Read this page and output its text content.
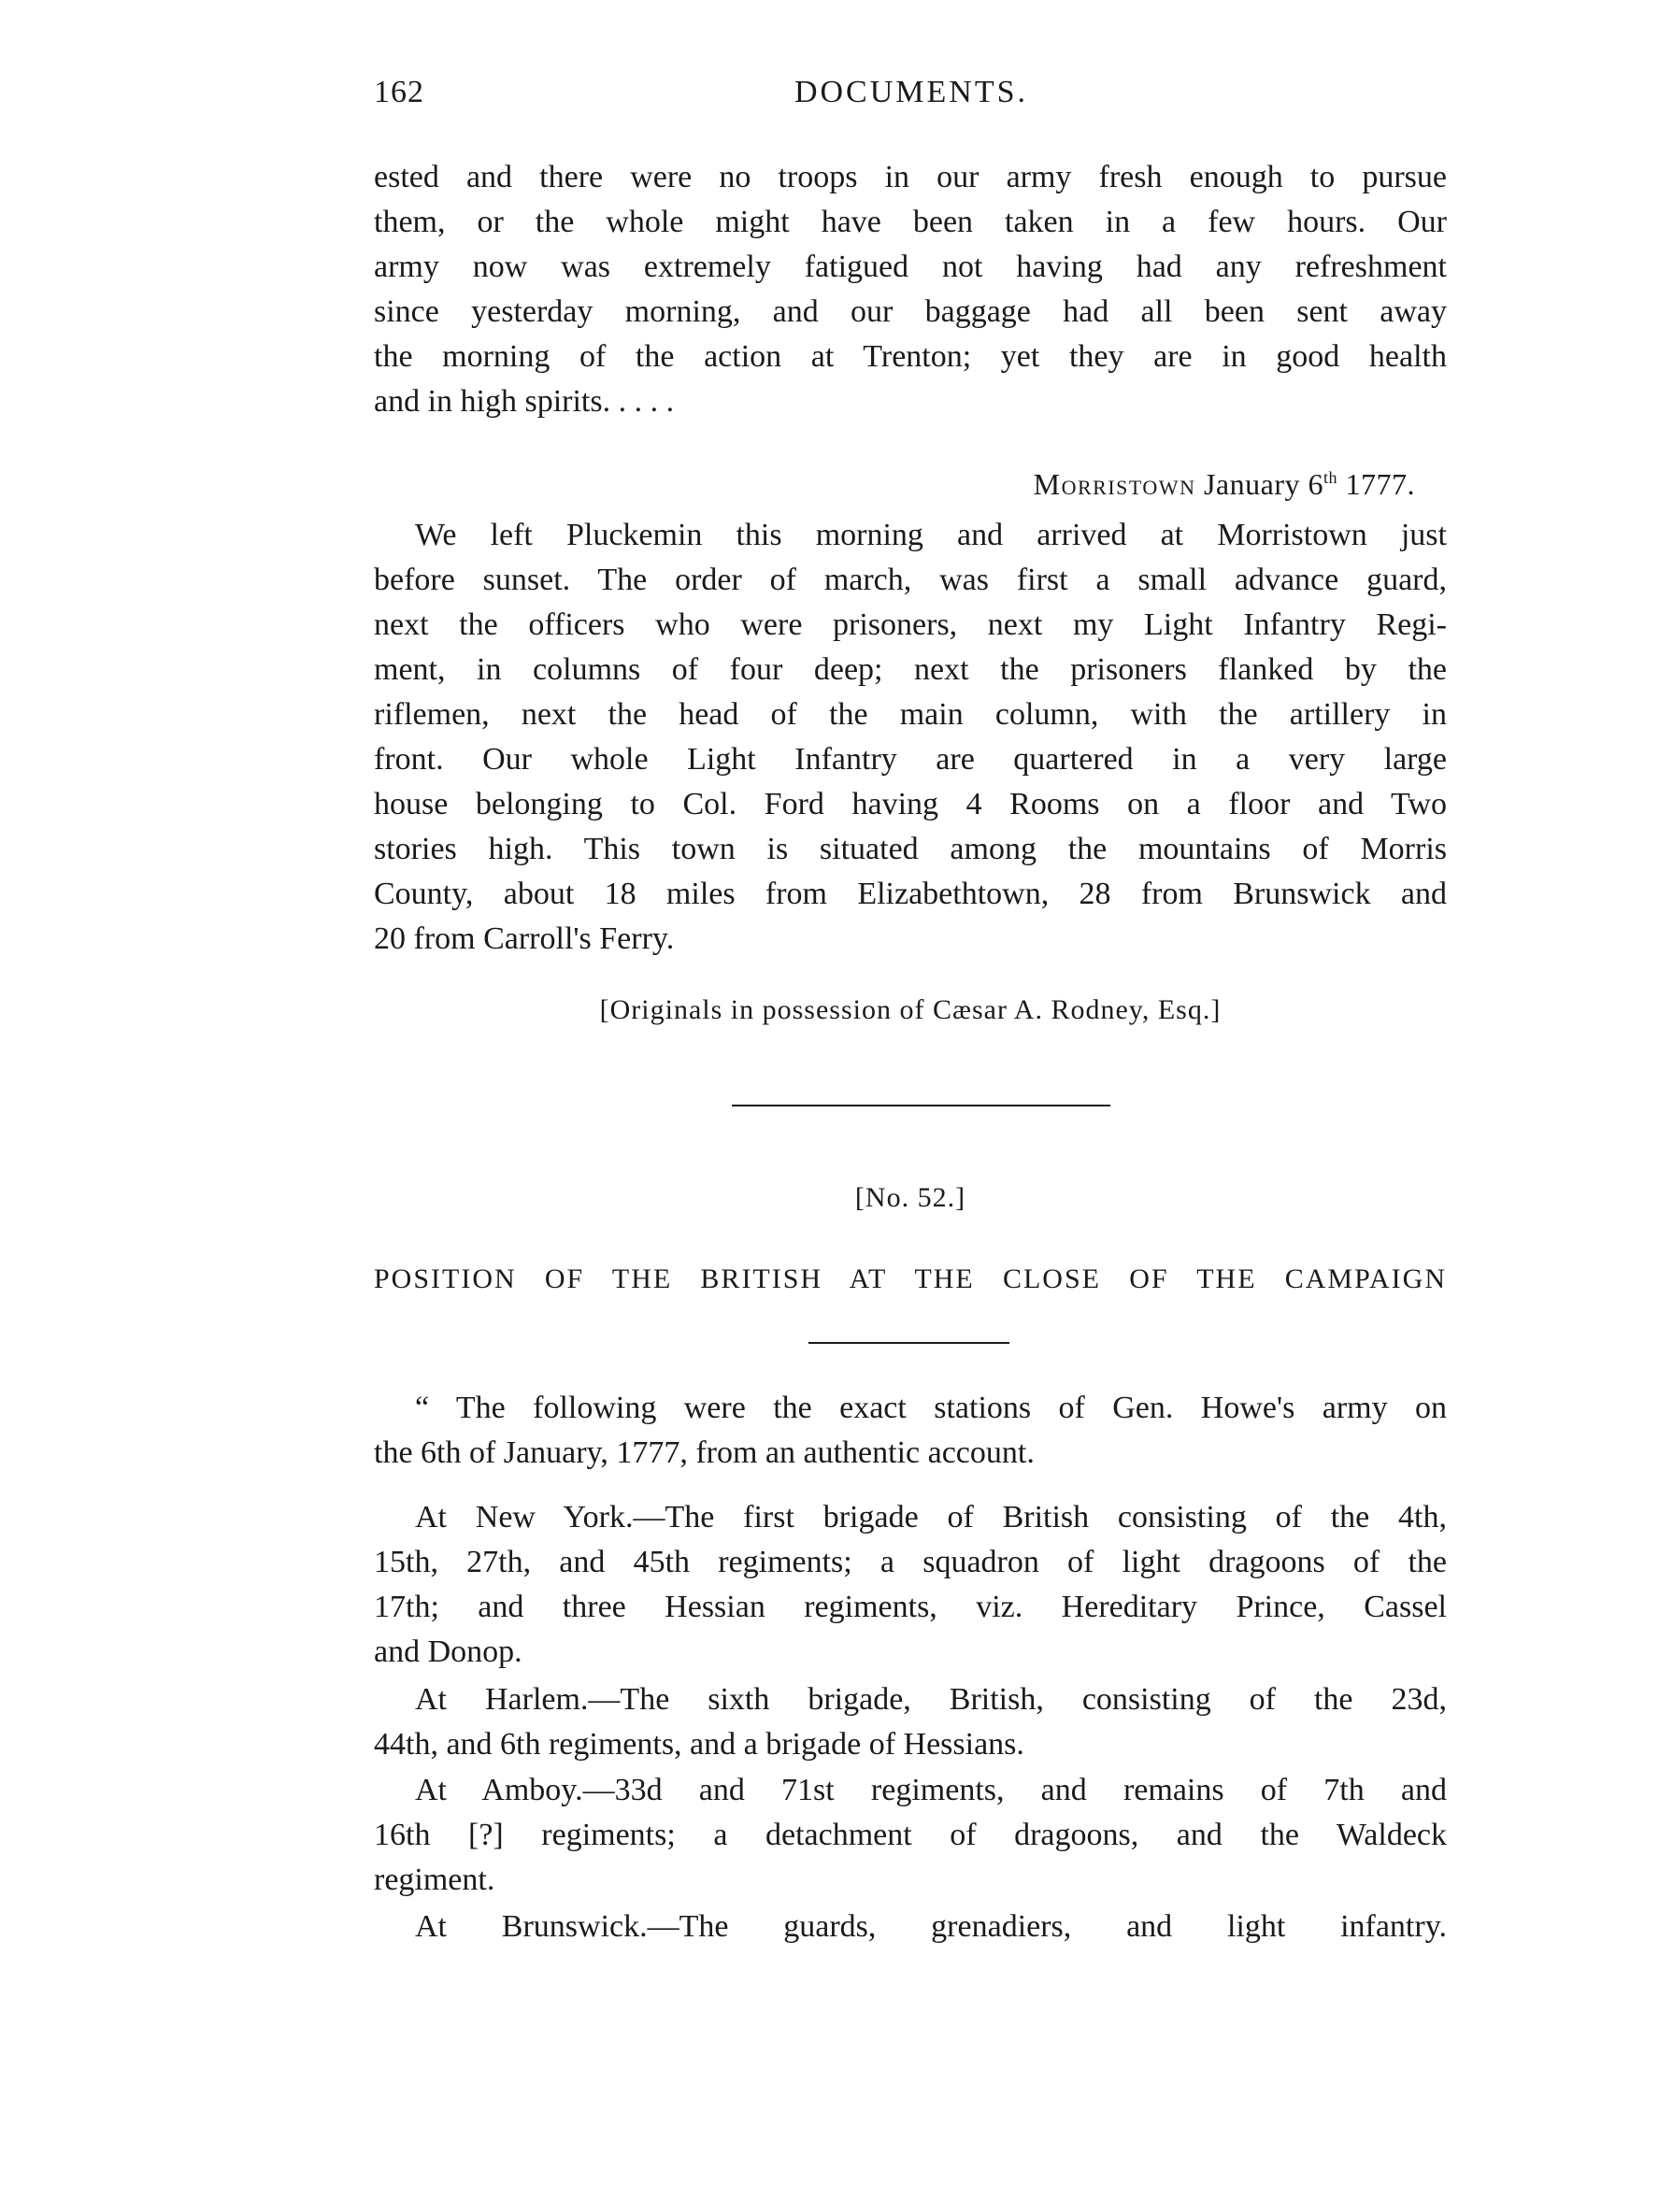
162	DOCUMENTS.
ested and there were no troops in our army fresh enough to pursue
them, or the whole might have been taken in a few hours. Our
army now was extremely fatigued not having had any refreshment
since yesterday morning, and our baggage had all been sent away
the morning of the action at Trenton; yet they are in good health
and in high spirits. . . . .
Morristown January 6th 1777.
We left Pluckemin this morning and arrived at Morristown just
before sunset. The order of march, was first a small advance guard,
next the officers who were prisoners, next my Light Infantry Regi-
ment, in columns of four deep; next the prisoners flanked by the
riflemen, next the head of the main column, with the artillery in
front. Our whole Light Infantry are quartered in a very large
house belonging to Col. Ford having 4 Rooms on a floor and Two
stories high. This town is situated among the mountains of Morris
County, about 18 miles from Elizabethtown, 28 from Brunswick and
20 from Carroll's Ferry.
[Originals in possession of Cæsar A. Rodney, Esq.]
[No. 52.]
POSITION OF THE BRITISH AT THE CLOSE OF THE CAMPAIGN
“ The following were the exact stations of Gen. Howe's army on
the 6th of January, 1777, from an authentic account.
At New York.—The first brigade of British consisting of the 4th,
15th, 27th, and 45th regiments; a squadron of light dragoons of the
17th; and three Hessian regiments, viz. Hereditary Prince, Cassel
and Donop.
At Harlem.—The sixth brigade, British, consisting of the 23d,
44th, and 6th regiments, and a brigade of Hessians.
At Amboy.—33d and 71st regiments, and remains of 7th and
16th [?] regiments; a detachment of dragoons, and the Waldeck
regiment.
At Brunswick.—The guards, grenadiers, and light infantry.
